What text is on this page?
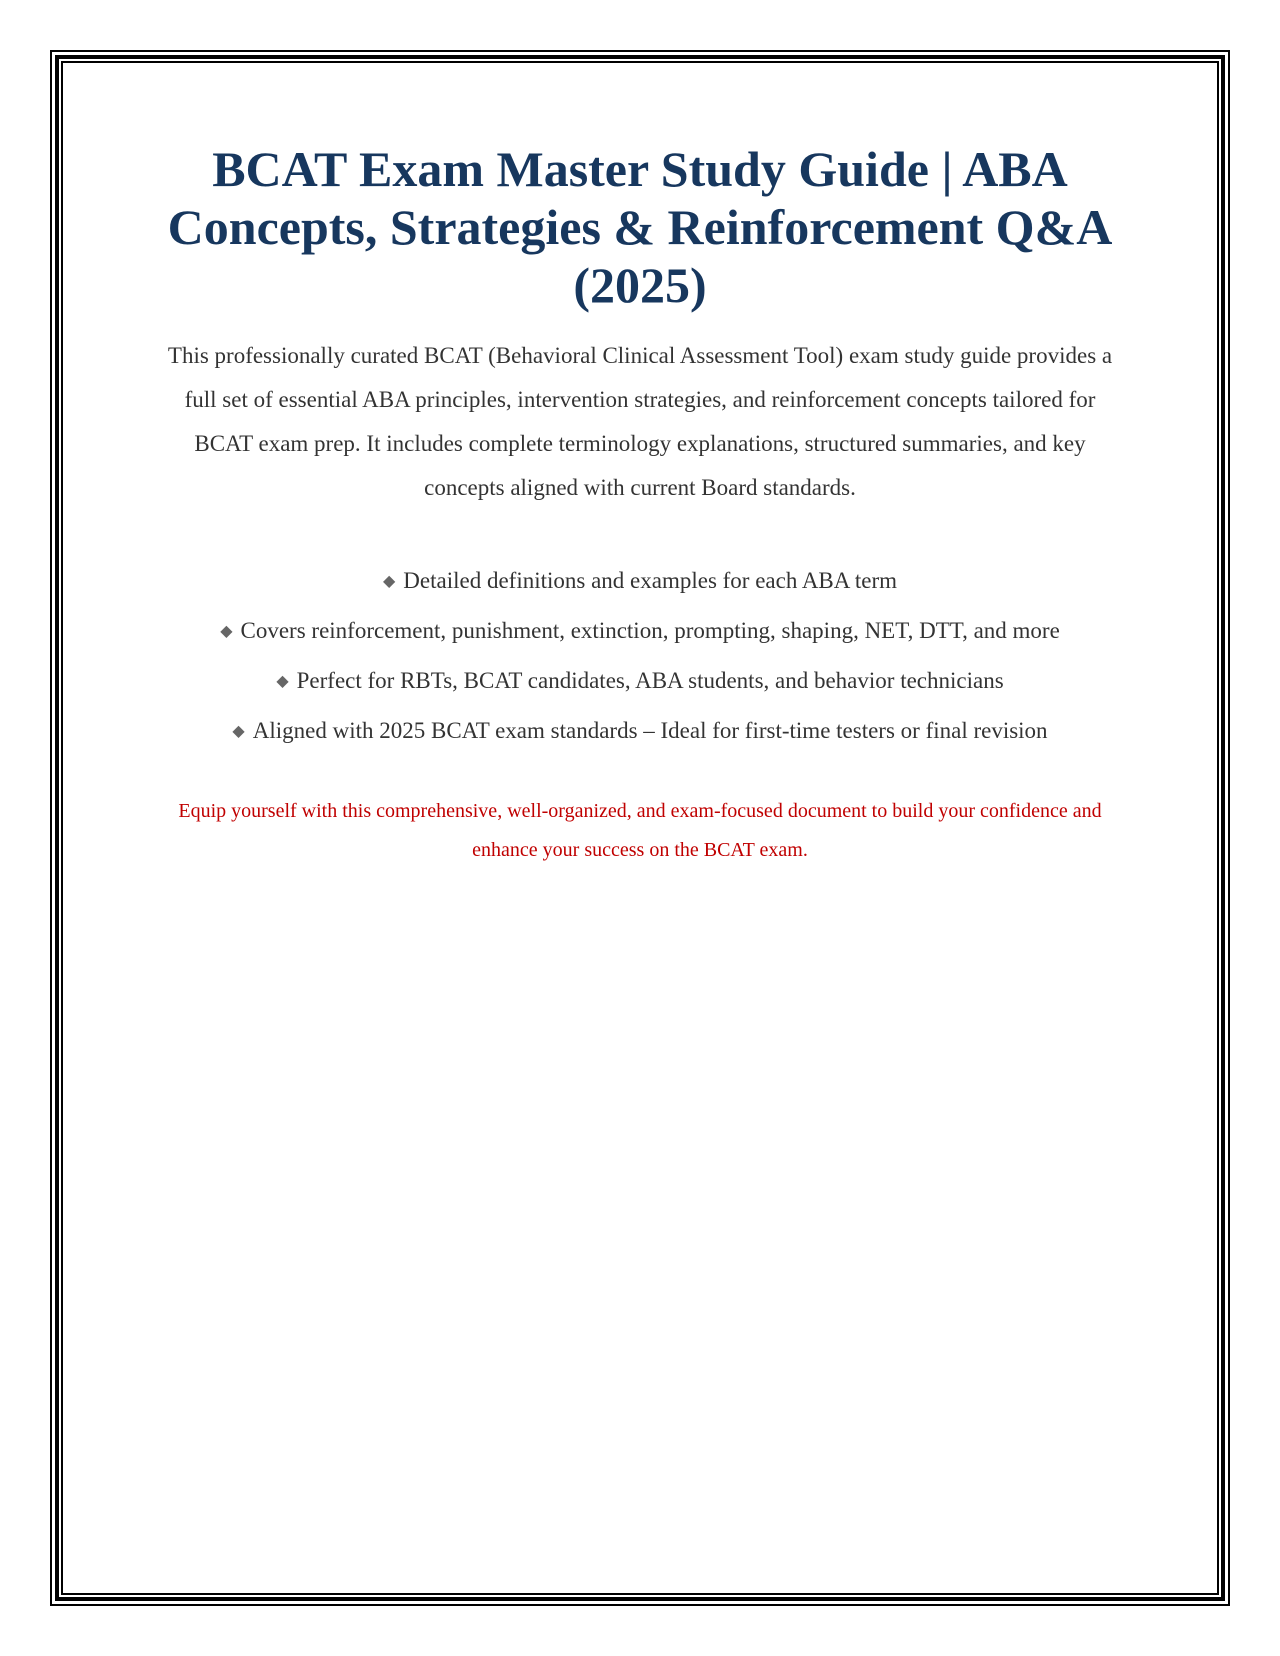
BCAT Exam Master Study Guide | ABA Concepts, Strategies & Reinforcement Q&A (2025)

This professionally curated BCAT (Behavioral Clinical Assessment Tool) exam study guide provides a full set of essential ABA principles, intervention strategies, and reinforcement concepts tailored for BCAT exam prep. It includes complete terminology explanations, structured summaries, and key concepts aligned with current Board standards.

◆ Detailed definitions and examples for each ABA term
◆ Covers reinforcement, punishment, extinction, prompting, shaping, NET, DTT, and more
◆ Perfect for RBTs, BCAT candidates, ABA students, and behavior technicians
◆ Aligned with 2025 BCAT exam standards – Ideal for first-time testers or final revision

Equip yourself with this comprehensive, well-organized, and exam-focused document to build your confidence and enhance your success on the BCAT exam.
